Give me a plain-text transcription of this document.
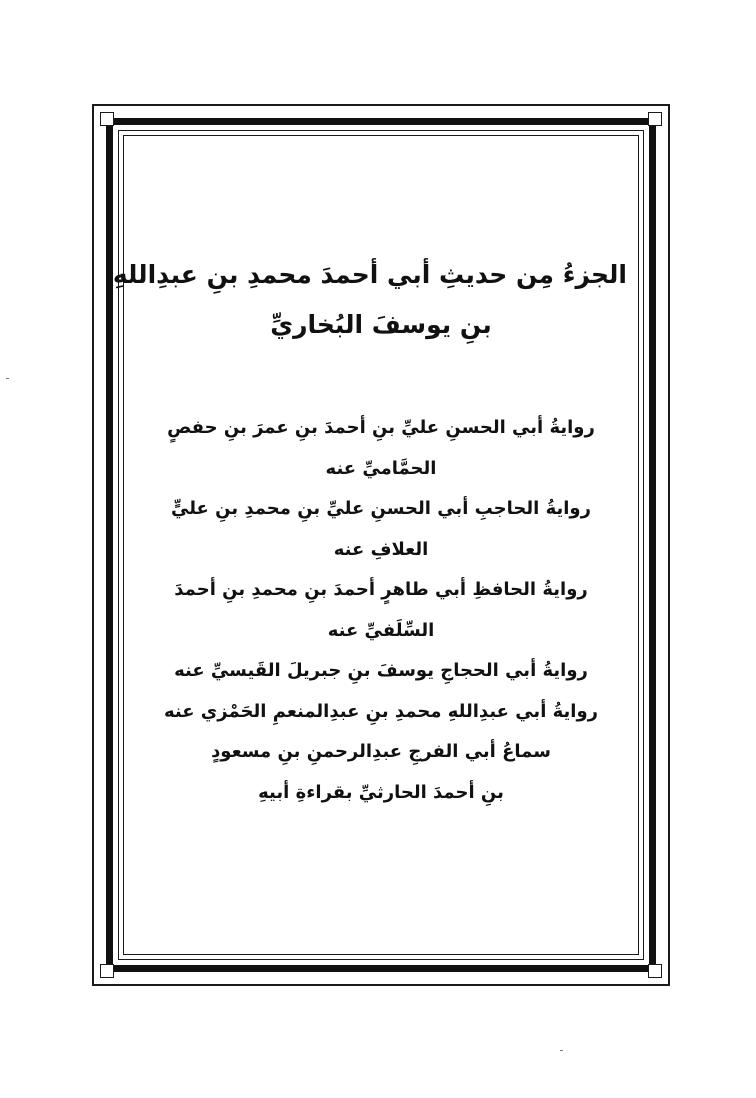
الجزءُ مِن حديثِ أبي أحمدَ محمدِ بنِ عبدِاللهِ
بنِ يوسفَ البُخاريِّ
روايةُ أبي الحسنِ عليِّ بنِ أحمدَ بنِ عمرَ بنِ حفصٍ
الحمَّاميِّ عنه
روايةُ الحاجبِ أبي الحسنِ عليِّ بنِ محمدِ بنِ عليٍّ
العلافِ عنه
روايةُ الحافظِ أبي طاهرٍ أحمدَ بنِ محمدِ بنِ أحمدَ
السِّلَفيِّ عنه
روايةُ أبي الحجاجِ يوسفَ بنِ جبريلَ القَيسيِّ عنه
روايةُ أبي عبدِاللهِ محمدِ بنِ عبدِالمنعمِ الحَمْزي عنه
سماعُ أبي الفرجِ عبدِالرحمنِ بنِ مسعودٍ
بنِ أحمدَ الحارثيِّ بقراءةِ أبيهِ
